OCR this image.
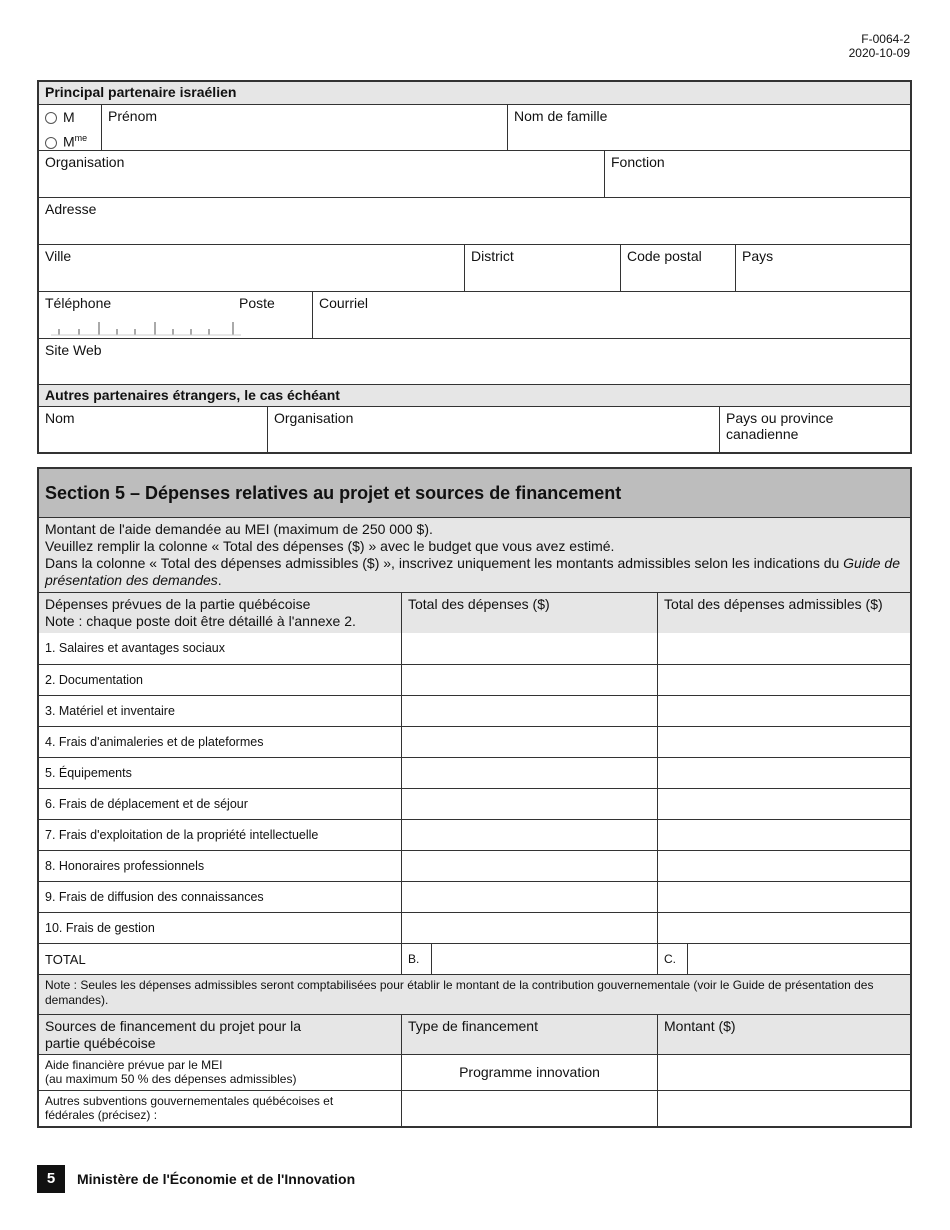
F-0064-2
2020-10-09
Principal partenaire israélien
M
$M^{me}$
Prénom	Nom de famille
Organisation	Fonction
Adresse
Ville	District	Code postal	Pays
Téléphone	Poste	Courriel
Site Web
Autres partenaires étrangers, le cas échéant
Nom	Organisation	Pays ou province canadienne
Section 5 – Dépenses relatives au projet et sources de financement
Montant de l'aide demandée au MEI (maximum de 250 000 $).
Veuillez remplir la colonne « Total des dépenses ($) » avec le budget que vous avez estimé.
Dans la colonne « Total des dépenses admissibles ($) », inscrivez uniquement les montants admissibles selon les indications du Guide de présentation des demandes.
Dépenses prévues de la partie québécoise
Note : chaque poste doit être détaillé à l'annexe 2.
Total des dépenses ($)	Total des dépenses admissibles ($)
1. Salaires et avantages sociaux
2. Documentation
3. Matériel et inventaire
4. Frais d'animaleries et de plateformes
5. Équipements
6. Frais de déplacement et de séjour
7. Frais d'exploitation de la propriété intellectuelle
8. Honoraires professionnels
9. Frais de diffusion des connaissances
10. Frais de gestion
TOTAL	B.	C.
Note : Seules les dépenses admissibles seront comptabilisées pour établir le montant de la contribution gouvernementale (voir le Guide de présentation des demandes).
Sources de financement du projet pour la
partie québécoise
Type de financement	Montant ($)
Aide financière prévue par le MEI
(au maximum 50 % des dépenses admissibles)	Programme innovation
Autres subventions gouvernementales québécoises et
fédérales (précisez) :
5	Ministère de l'Économie et de l'Innovation
